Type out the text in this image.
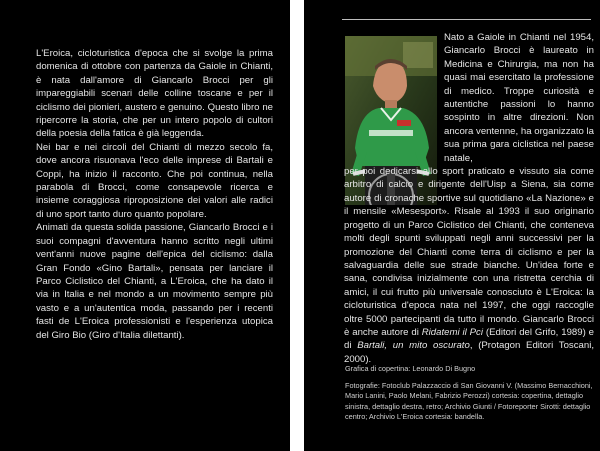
L'Eroica, cicloturistica d'epoca che si svolge la prima domenica di ottobre con partenza da Gaiole in Chianti, è nata dall'amore di Giancarlo Brocci per gli impareggiabili scenari delle colline toscane e per il ciclismo dei pionieri, austero e genuino. Questo libro ne ripercorre la storia, che per un intero popolo di cultori della poesia della fatica è già leggenda.

Nei bar e nei circoli del Chianti di mezzo secolo fa, dove ancora risuonava l'eco delle imprese di Bartali e Coppi, ha inizio il racconto. Che poi continua, nella parabola di Brocci, come consapevole ricerca e insieme coraggiosa riproposizione dei valori alle radici di uno sport tanto duro quanto popolare.

Animati da questa solida passione, Giancarlo Brocci e i suoi compagni d'avventura hanno scritto negli ultimi vent'anni nuove pagine dell'epica del ciclismo: dalla Gran Fondo «Gino Bartali», pensata per lanciare il Parco Ciclistico del Chianti, a L'Eroica, che ha dato il via in Italia e nel mondo a un movimento sempre più vasto e a un'autentica moda, passando per i recenti fasti de L'Eroica professionisti e l'esperienza utopica del Giro Bio (Giro d'Italia dilettanti).

Nato a Gaiole in Chianti nel 1954, Giancarlo Brocci è laureato in Medicina e Chirurgia, ma non ha quasi mai esercitato la professione di medico. Troppe curiosità e autentiche passioni lo hanno sospinto in altre direzioni. Non ancora ventenne, ha organizzato la sua prima gara ciclistica nel paese natale,

per poi dedicarsi allo sport praticato e vissuto sia come arbitro di calcio e dirigente dell'Uisp a Siena, sia come autore di cronache sportive sul quotidiano «La Nazione» e il mensile «Mesesport». Risale al 1993 il suo originario progetto di un Parco Ciclistico del Chianti, che conteneva molti degli spunti sviluppati negli anni successivi per la promozione del Chianti come terra di ciclismo e per la salvaguardia delle sue strade bianche. Un'idea forte e sana, condivisa inizialmente con una ristretta cerchia di amici, il cui frutto più universale conosciuto è L'Eroica: la cicloturistica d'epoca nata nel 1997, che oggi raccoglie oltre 5000 partecipanti da tutto il mondo. Giancarlo Brocci è anche autore di Ridatemi il Pci (Editori del Grifo, 1989) e di Bartali, un mito oscurato, (Protagon Editori Toscani, 2000).

Grafica di copertina: Leonardo Di Bugno

Fotografie: Fotoclub Palazzaccio di San Giovanni V. (Massimo Bernacchioni, Mario Lanini, Paolo Melani, Fabrizio Perozzi) cortesia: copertina, dettaglio sinistra, dettaglio destra, retro; Archivio Giunti / Fotoreporter Sirotti: dettaglio centro; Archivio L'Eroica cortesia: bandella.
